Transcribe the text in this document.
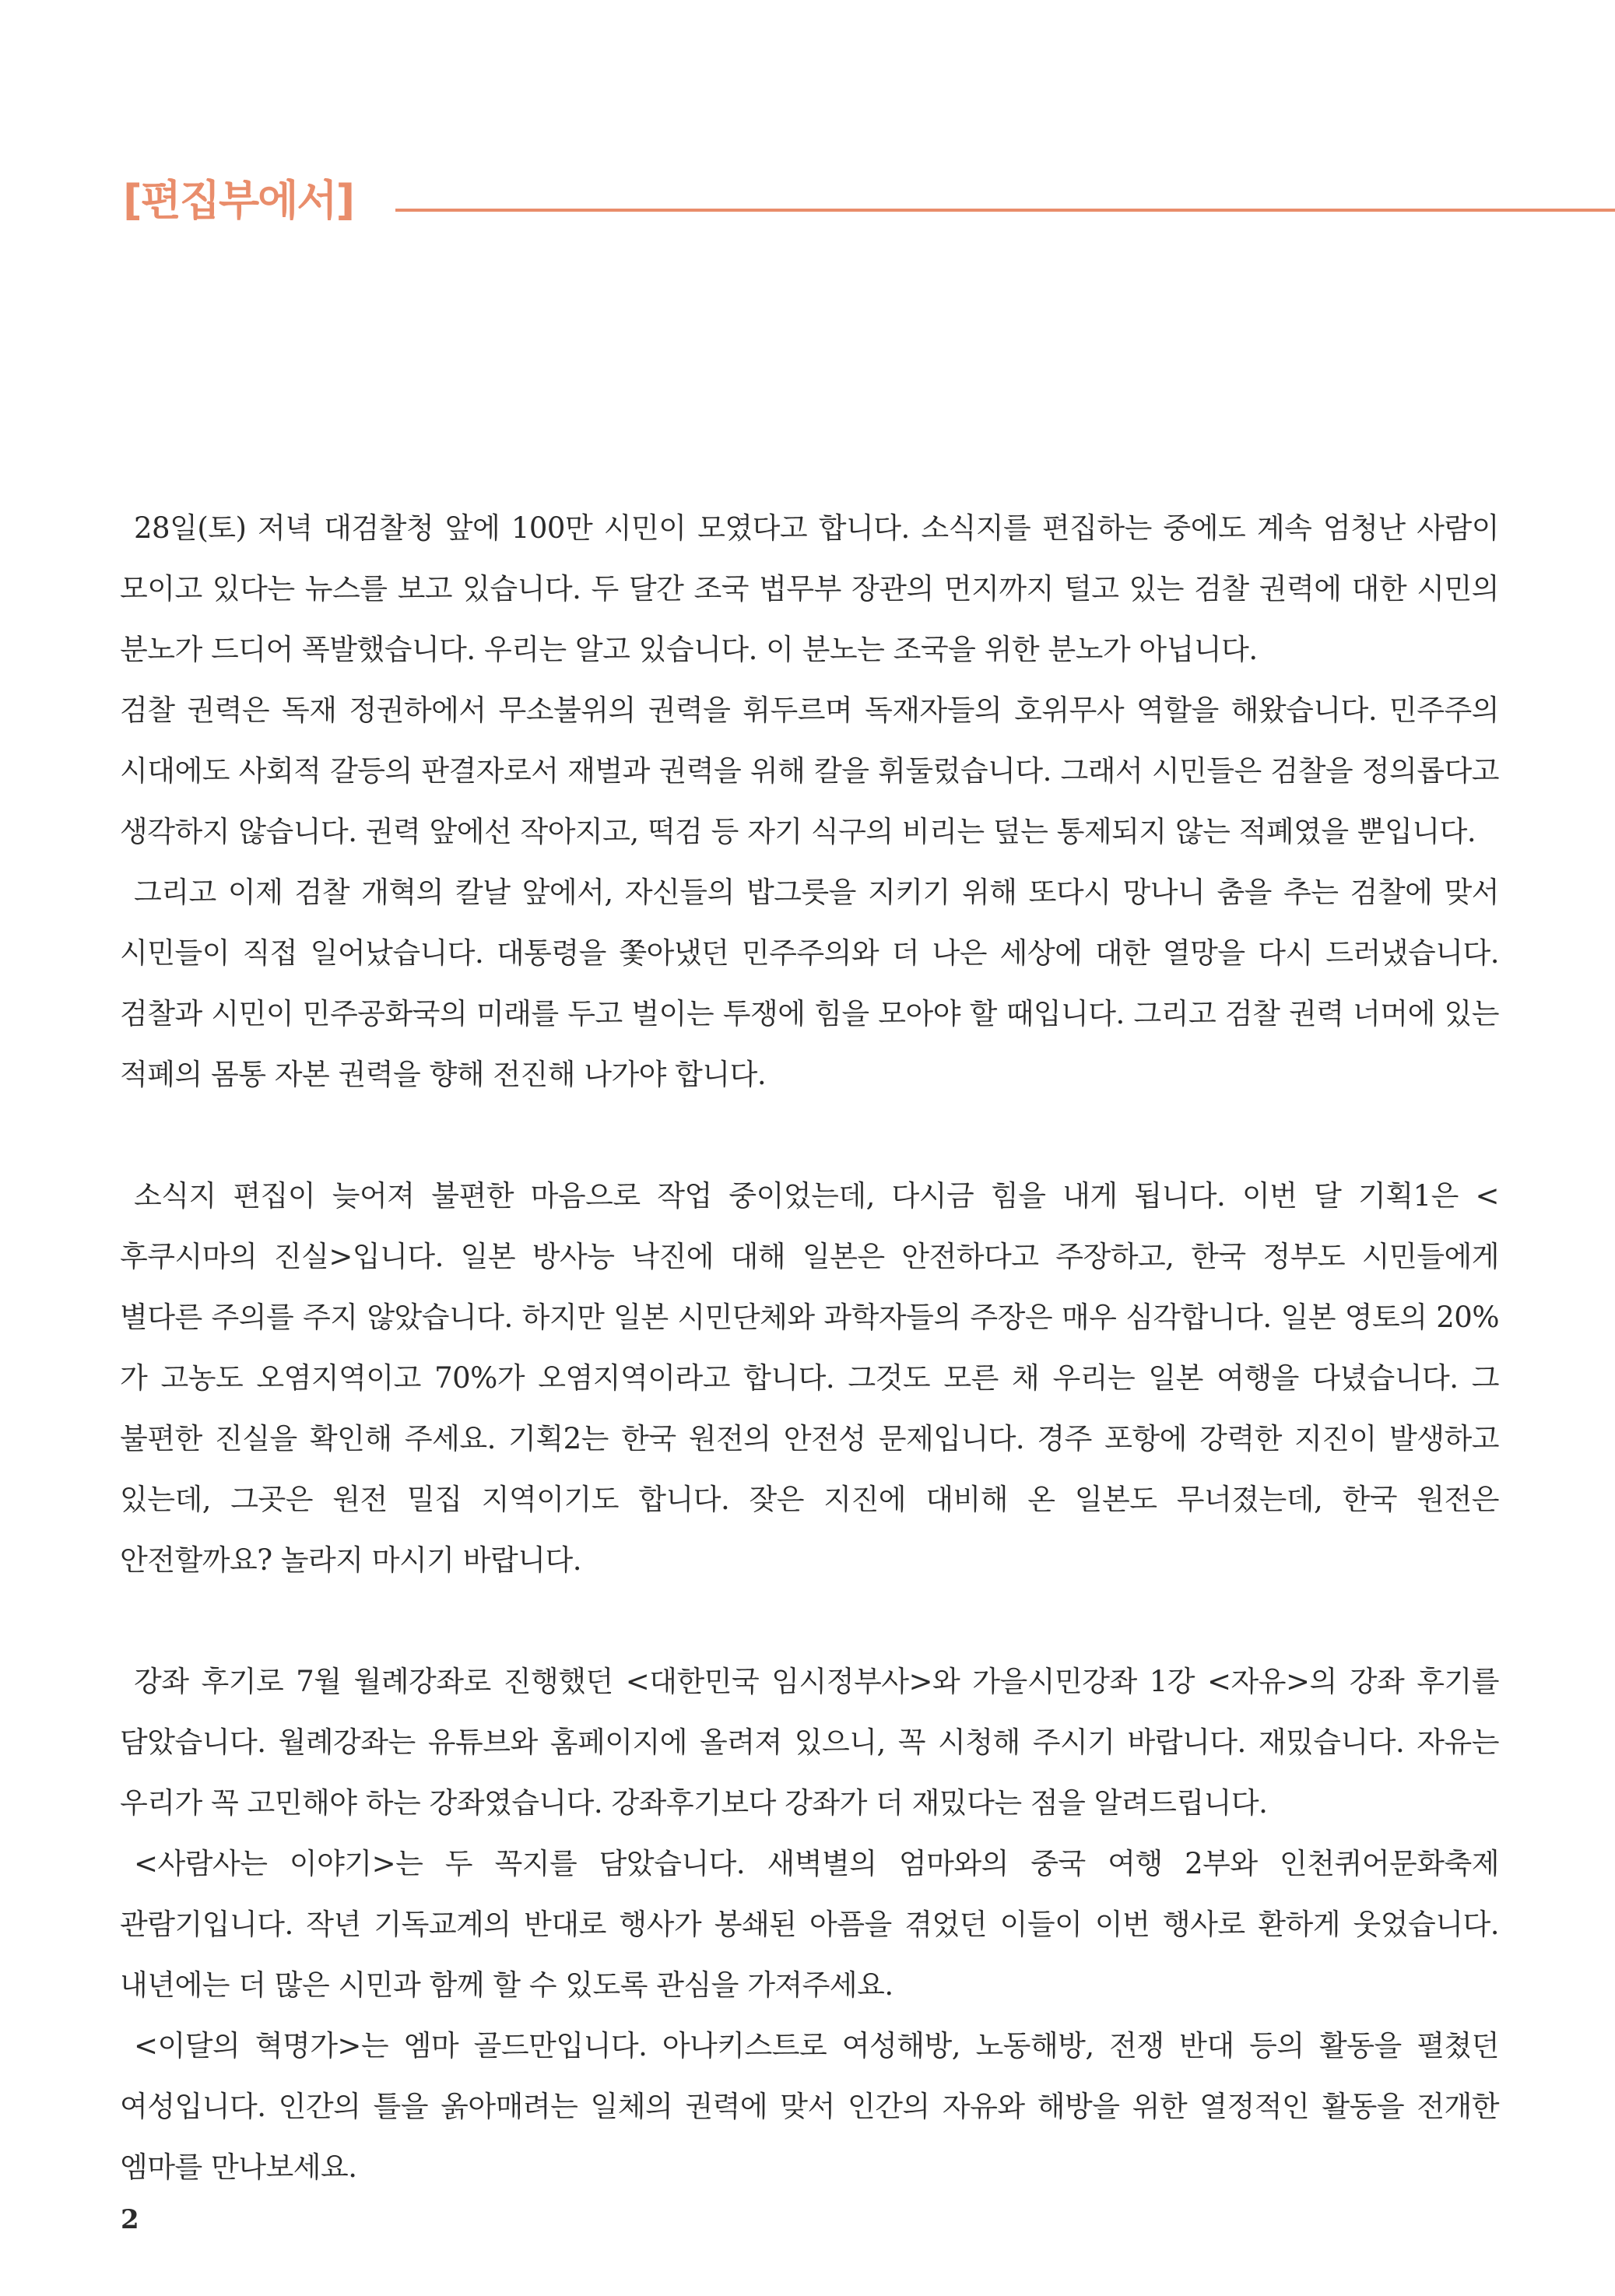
[편집부에서]

28일(토) 저녁 대검찰청 앞에 100만 시민이 모였다고 합니다. 소식지를 편집하는 중에도 계속 엄청난 사람이 모이고 있다는 뉴스를 보고 있습니다. 두 달간 조국 법무부 장관의 먼지까지 털고 있는 검찰 권력에 대한 시민의 분노가 드디어 폭발했습니다. 우리는 알고 있습니다. 이 분노는 조국을 위한 분노가 아닙니다.

검찰 권력은 독재 정권하에서 무소불위의 권력을 휘두르며 독재자들의 호위무사 역할을 해왔습니다. 민주주의 시대에도 사회적 갈등의 판결자로서 재벌과 권력을 위해 칼을 휘둘렀습니다. 그래서 시민들은 검찰을 정의롭다고 생각하지 않습니다. 권력 앞에선 작아지고, 떡검 등 자기 식구의 비리는 덮는 통제되지 않는 적폐였을 뿐입니다.

그리고 이제 검찰 개혁의 칼날 앞에서, 자신들의 밥그릇을 지키기 위해 또다시 망나니 춤을 추는 검찰에 맞서 시민들이 직접 일어났습니다. 대통령을 쫓아냈던 민주주의와 더 나은 세상에 대한 열망을 다시 드러냈습니다. 검찰과 시민이 민주공화국의 미래를 두고 벌이는 투쟁에 힘을 모아야 할 때입니다. 그리고 검찰 권력 너머에 있는 적폐의 몸통 자본 권력을 향해 전진해 나가야 합니다.

소식지 편집이 늦어져 불편한 마음으로 작업 중이었는데, 다시금 힘을 내게 됩니다. 이번 달 기획1은 <후쿠시마의 진실>입니다. 일본 방사능 낙진에 대해 일본은 안전하다고 주장하고, 한국 정부도 시민들에게 별다른 주의를 주지 않았습니다. 하지만 일본 시민단체와 과학자들의 주장은 매우 심각합니다. 일본 영토의 20%가 고농도 오염지역이고 70%가 오염지역이라고 합니다. 그것도 모른 채 우리는 일본 여행을 다녔습니다. 그 불편한 진실을 확인해 주세요. 기획2는 한국 원전의 안전성 문제입니다. 경주 포항에 강력한 지진이 발생하고 있는데, 그곳은 원전 밀집 지역이기도 합니다. 잦은 지진에 대비해 온 일본도 무너졌는데, 한국 원전은 안전할까요? 놀라지 마시기 바랍니다.

강좌 후기로 7월 월례강좌로 진행했던 <대한민국 임시정부사>와 가을시민강좌 1강 <자유>의 강좌 후기를 담았습니다. 월례강좌는 유튜브와 홈페이지에 올려져 있으니, 꼭 시청해 주시기 바랍니다. 재밌습니다. 자유는 우리가 꼭 고민해야 하는 강좌였습니다. 강좌후기보다 강좌가 더 재밌다는 점을 알려드립니다.

<사람사는 이야기>는 두 꼭지를 담았습니다. 새벽별의 엄마와의 중국 여행 2부와 인천퀴어문화축제 관람기입니다. 작년 기독교계의 반대로 행사가 봉쇄된 아픔을 겪었던 이들이 이번 행사로 환하게 웃었습니다. 내년에는 더 많은 시민과 함께 할 수 있도록 관심을 가져주세요.

<이달의 혁명가>는 엠마 골드만입니다. 아나키스트로 여성해방, 노동해방, 전쟁 반대 등의 활동을 펼쳤던 여성입니다. 인간의 틀을 옭아매려는 일체의 권력에 맞서 인간의 자유와 해방을 위한 열정적인 활동을 전개한 엠마를 만나보세요.

2
